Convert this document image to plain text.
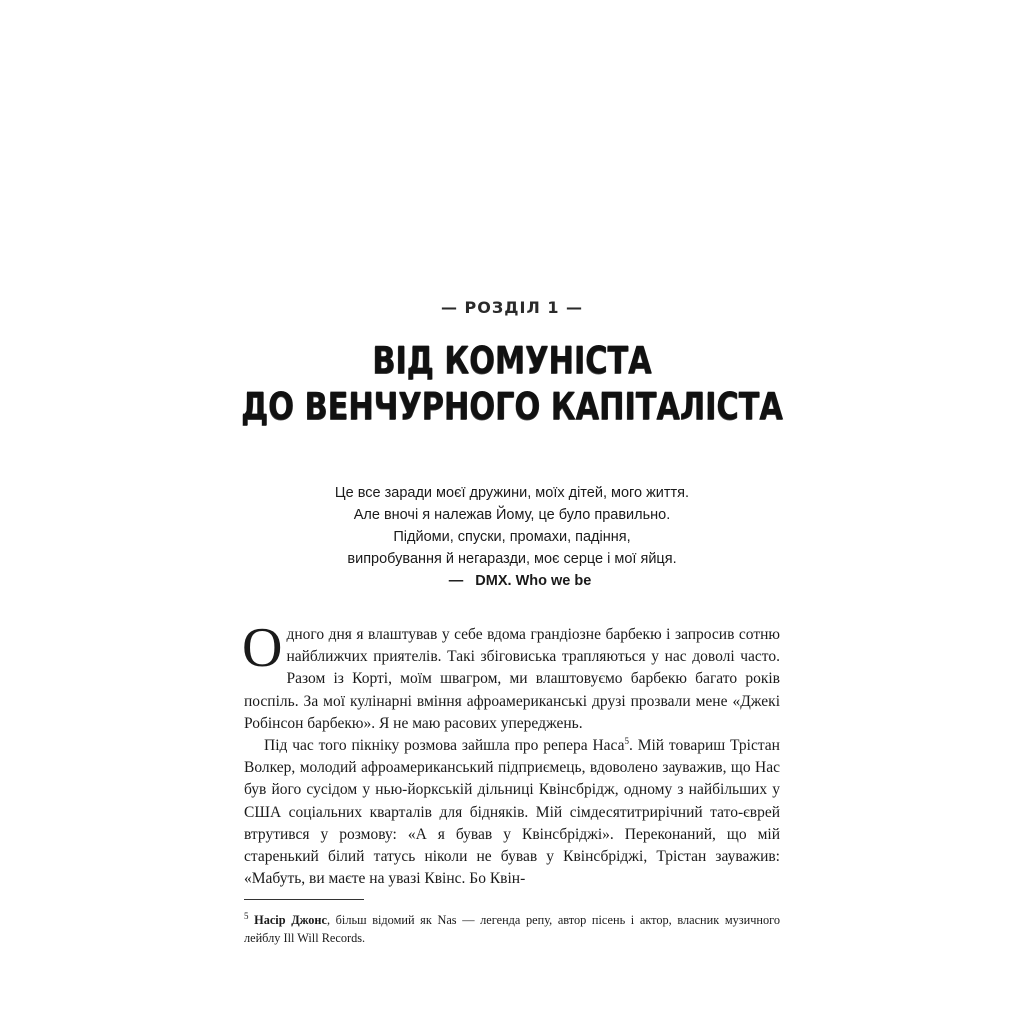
— РОЗДІЛ 1 —
ВІД КОМУНІСТА
ДО ВЕНЧУРНОГО КАПІТАЛІСТА
Це все заради моєї дружини, моїх дітей, мого життя.
Але вночі я належав Йому, це було правильно.
Підйоми, спуски, промахи, падіння,
випробування й негаразди, моє серце і мої яйця.
— DMX. Who we be

Одного дня я влаштував у себе вдома грандіозне барбекю і запросив сотню найближчих приятелів. Такі збіговиська трапляються у нас доволі часто. Разом із Корті, моїм швагром, ми влаштовуємо барбекю багато років поспіль. За мої кулінарні вміння афроамериканські друзі прозвали мене «Джекі Робінсон барбекю». Я не маю расових упереджень.

Під час того пікніку розмова зайшла про репера Наса$^5$. Мій товариш Трістан Волкер, молодий афроамериканський підприємець, вдоволено зауважив, що Нас був його сусідом у нью-йоркській дільниці Квінсбрідж, одному з найбільших у США соціальних кварталів для бідняків. Мій сімдесятитрирічний тато-єврей втрутився у розмову: «А я бував у Квінсбріджі». Переконаний, що мій старенький білий татусь ніколи не бував у Квінсбріджі, Трістан зауважив: «Мабуть, ви маєте на увазі Квінс. Бо Квін-

$^5$ Насір Джонс, більш відомий як Nas — легенда репу, автор пісень і актор, власник музичного лейблу Ill Will Records.
